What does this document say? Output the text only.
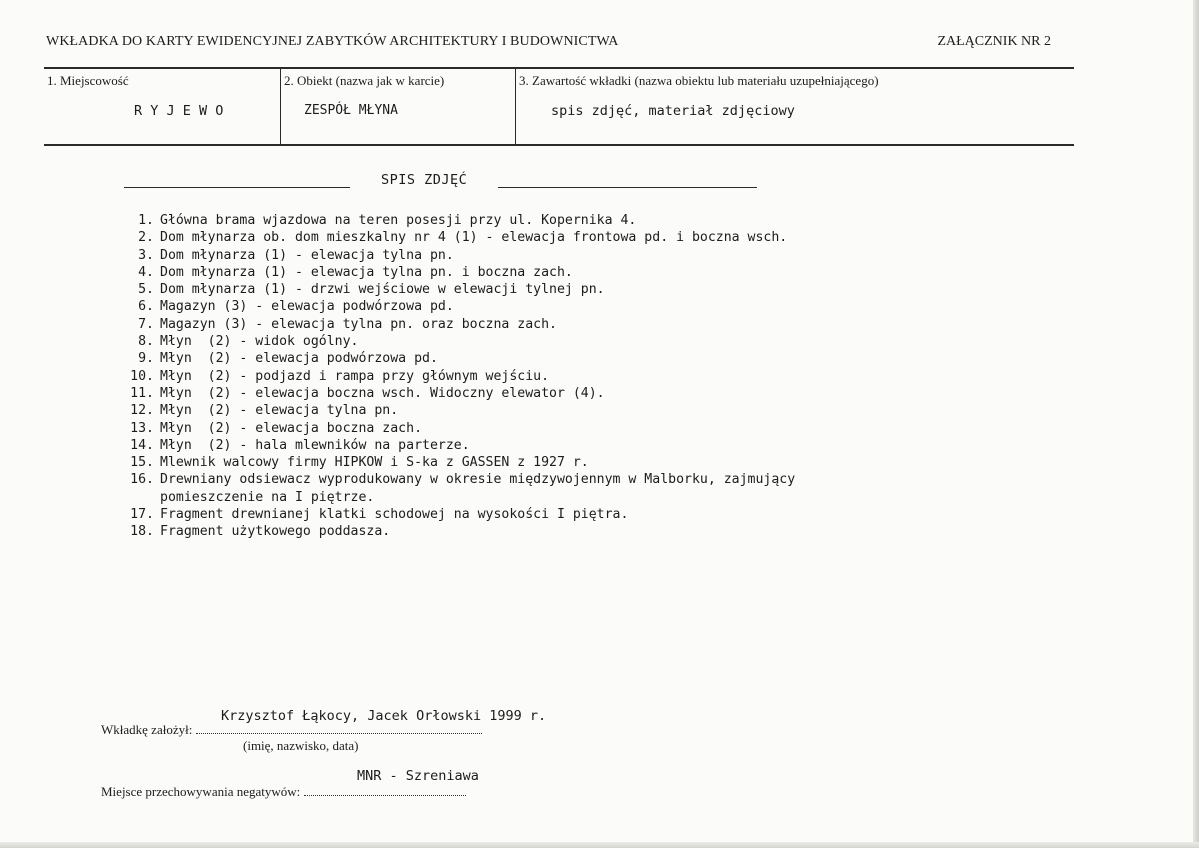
WKŁADKA DO KARTY EWIDENCYJNEJ ZABYTKÓW ARCHITEKTURY I BUDOWNICTWA	ZAŁĄCZNIK NR 2
1. Miejscowość
R Y J E W O
2. Obiekt (nazwa jak w karcie)
ZESPÓŁ MŁYNA
3. Zawartość wkładki (nazwa obiektu lub materiału uzupełniającego)
spis zdjęć, materiał zdjęciowy
SPIS ZDJĘĆ
1. Główna brama wjazdowa na teren posesji przy ul. Kopernika 4.
2. Dom młynarza ob. dom mieszkalny nr 4 (1) - elewacja frontowa pd. i boczna wsch.
3. Dom młynarza (1) - elewacja tylna pn.
4. Dom młynarza (1) - elewacja tylna pn. i boczna zach.
5. Dom młynarza (1) - drzwi wejściowe w elewacji tylnej pn.
6. Magazyn (3) - elewacja podwórzowa pd.
7. Magazyn (3) - elewacja tylna pn. oraz boczna zach.
8. Młyn  (2) - widok ogólny.
9. Młyn  (2) - elewacja podwórzowa pd.
10. Młyn  (2) - podjazd i rampa przy głównym wejściu.
11. Młyn  (2) - elewacja boczna wsch. Widoczny elewator (4).
12. Młyn  (2) - elewacja tylna pn.
13. Młyn  (2) - elewacja boczna zach.
14. Młyn  (2) - hala mlewników na parterze.
15. Mlewnik walcowy firmy HIPKOW i S-ka z GASSEN z 1927 r.
16. Drewniany odsiewacz wyprodukowany w okresie międzywojennym w Malborku, zajmujący
pomieszczenie na I piętrze.
17. Fragment drewnianej klatki schodowej na wysokości I piętra.
18. Fragment użytkowego poddasza.
Krzysztof Łąkocy, Jacek Orłowski 1999 r.
Wkładkę założył:
(imię, nazwisko, data)
MNR - Szreniawa
Miejsce przechowywania negatywów:
